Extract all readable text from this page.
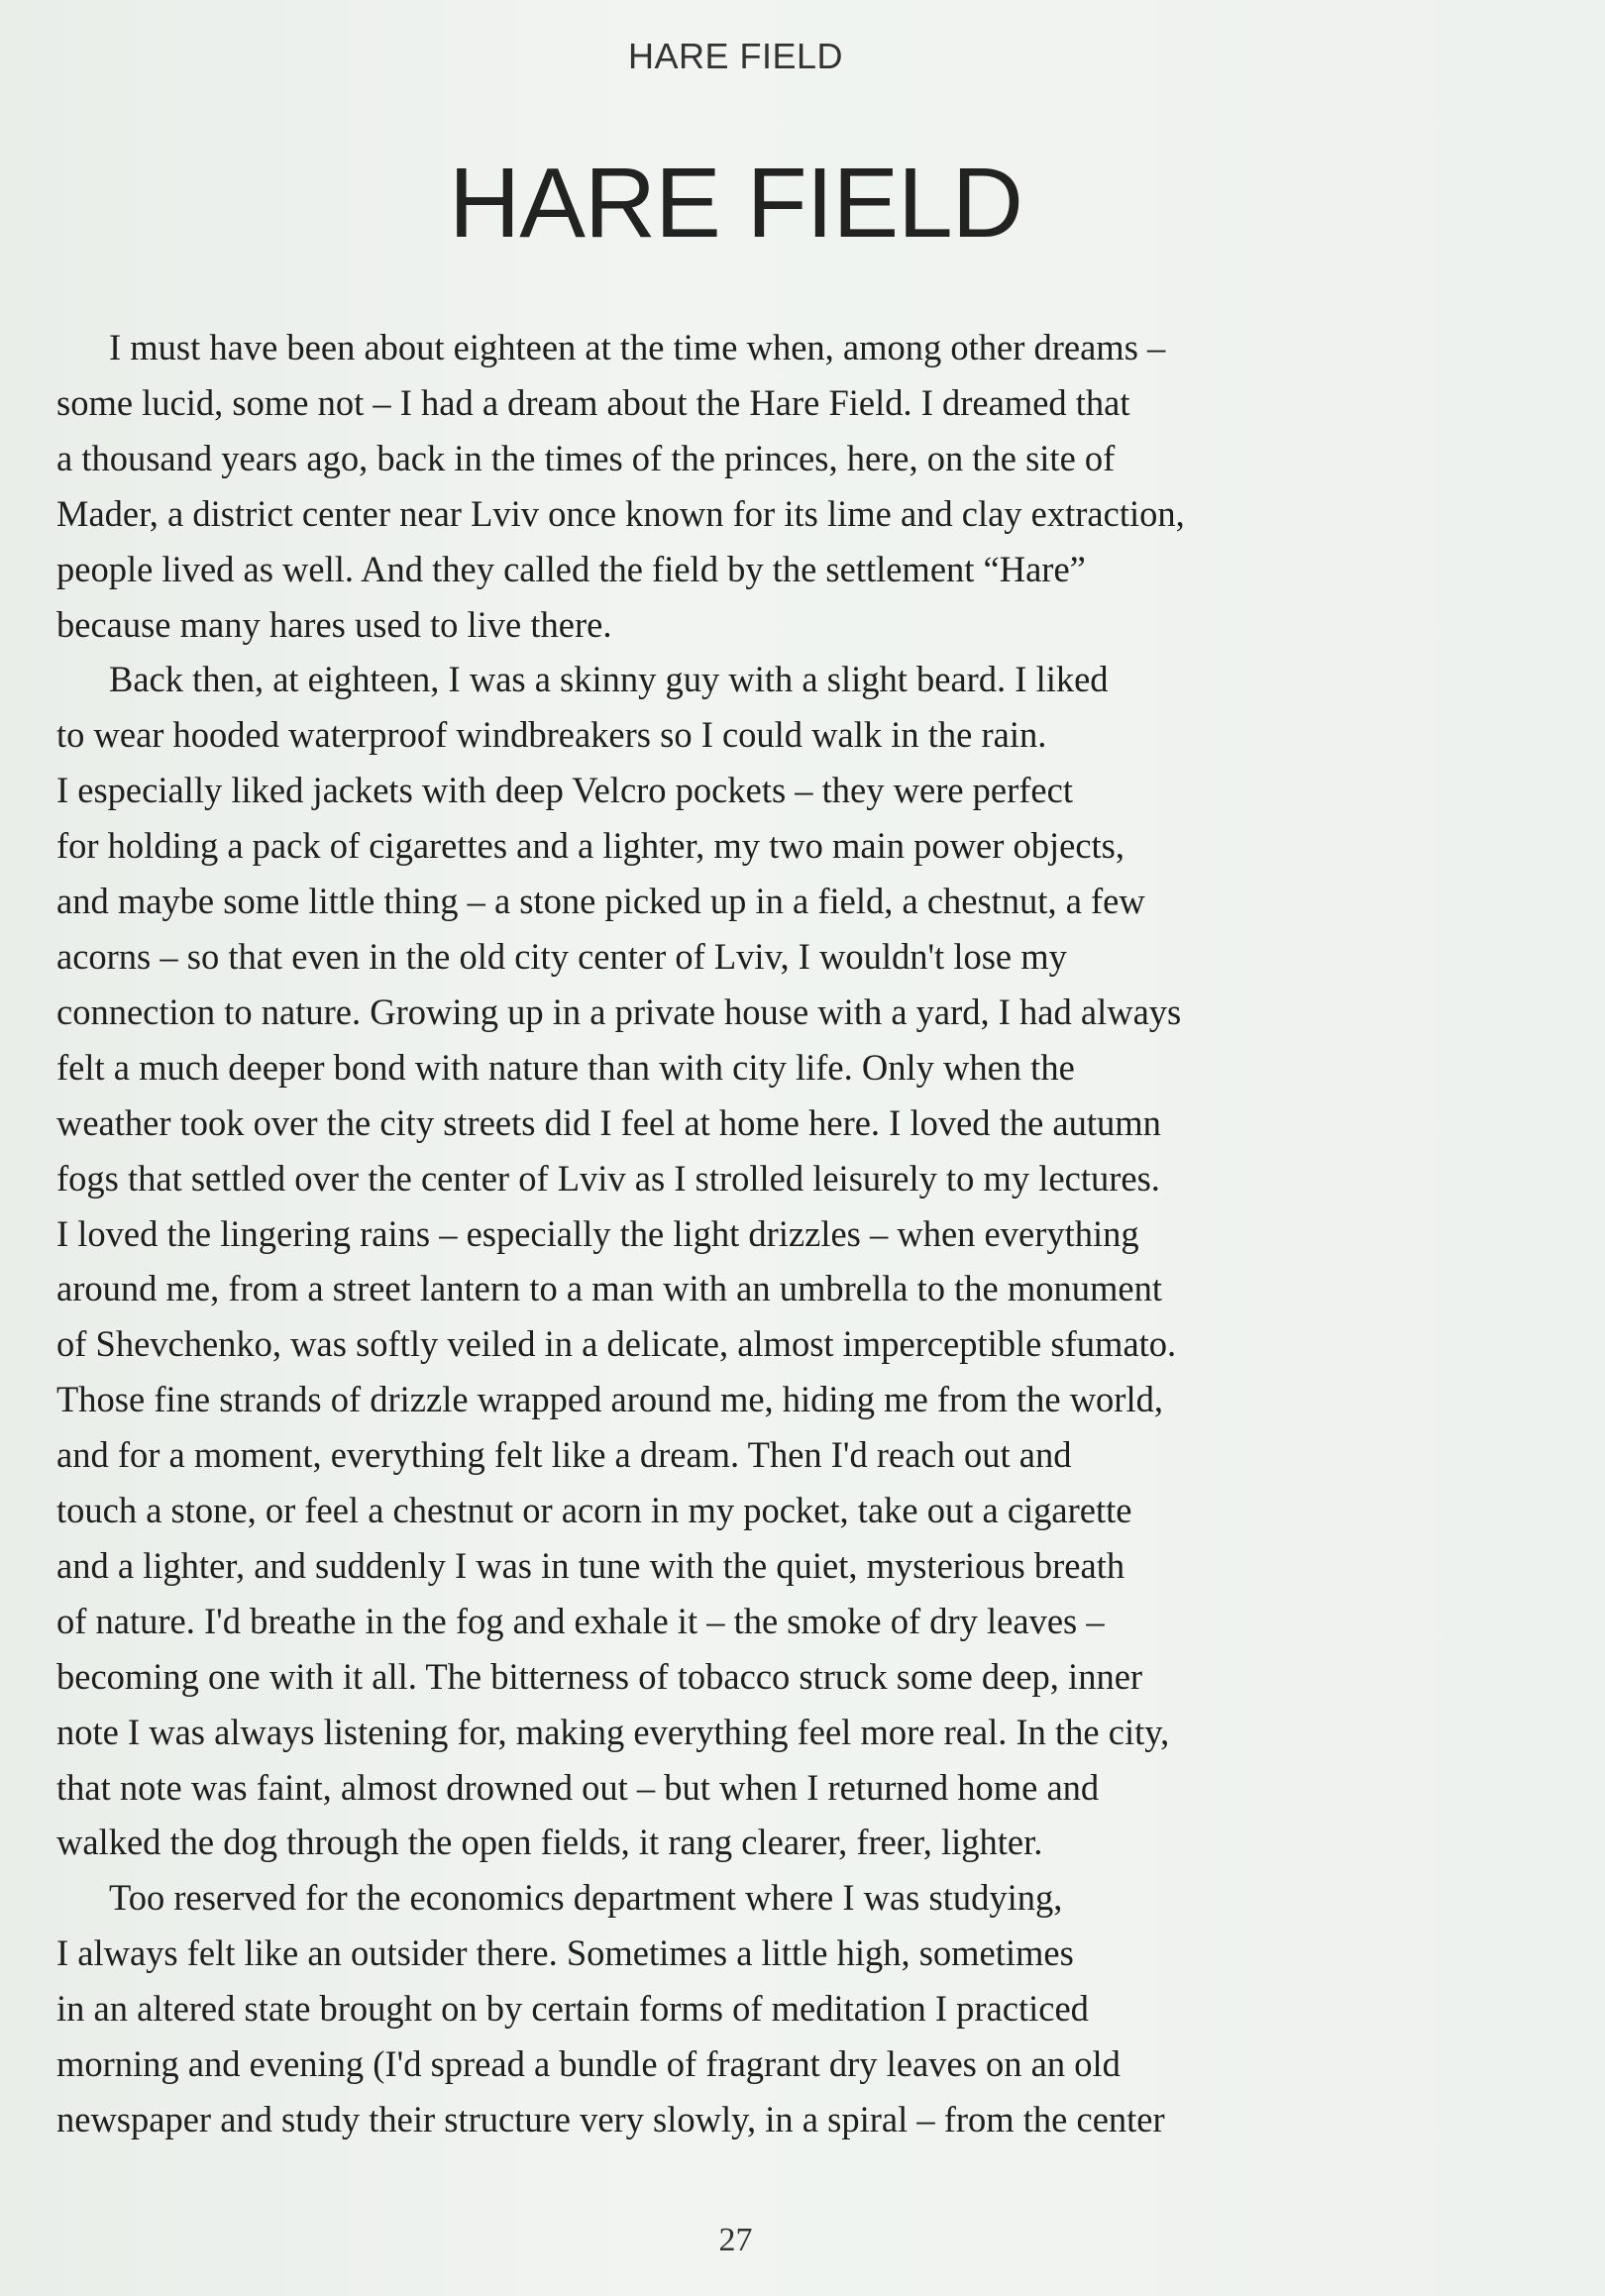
HARE FIELD
HARE FIELD

I must have been about eighteen at the time when, among other dreams –
some lucid, some not – I had a dream about the Hare Field. I dreamed that
a thousand years ago, back in the times of the princes, here, on the site of
Mader, a district center near Lviv once known for its lime and clay extraction,
people lived as well. And they called the field by the settlement “Hare”
because many hares used to live there.
Back then, at eighteen, I was a skinny guy with a slight beard. I liked
to wear hooded waterproof windbreakers so I could walk in the rain.
I especially liked jackets with deep Velcro pockets – they were perfect
for holding a pack of cigarettes and a lighter, my two main power objects,
and maybe some little thing – a stone picked up in a field, a chestnut, a few
acorns – so that even in the old city center of Lviv, I wouldn't lose my
connection to nature. Growing up in a private house with a yard, I had always
felt a much deeper bond with nature than with city life. Only when the
weather took over the city streets did I feel at home here. I loved the autumn
fogs that settled over the center of Lviv as I strolled leisurely to my lectures.
I loved the lingering rains – especially the light drizzles – when everything
around me, from a street lantern to a man with an umbrella to the monument
of Shevchenko, was softly veiled in a delicate, almost imperceptible sfumato.
Those fine strands of drizzle wrapped around me, hiding me from the world,
and for a moment, everything felt like a dream. Then I'd reach out and
touch a stone, or feel a chestnut or acorn in my pocket, take out a cigarette
and a lighter, and suddenly I was in tune with the quiet, mysterious breath
of nature. I'd breathe in the fog and exhale it – the smoke of dry leaves –
becoming one with it all. The bitterness of tobacco struck some deep, inner
note I was always listening for, making everything feel more real. In the city,
that note was faint, almost drowned out – but when I returned home and
walked the dog through the open fields, it rang clearer, freer, lighter.
Too reserved for the economics department where I was studying,
I always felt like an outsider there. Sometimes a little high, sometimes
in an altered state brought on by certain forms of meditation I practiced
morning and evening (I'd spread a bundle of fragrant dry leaves on an old
newspaper and study their structure very slowly, in a spiral – from the center

27
